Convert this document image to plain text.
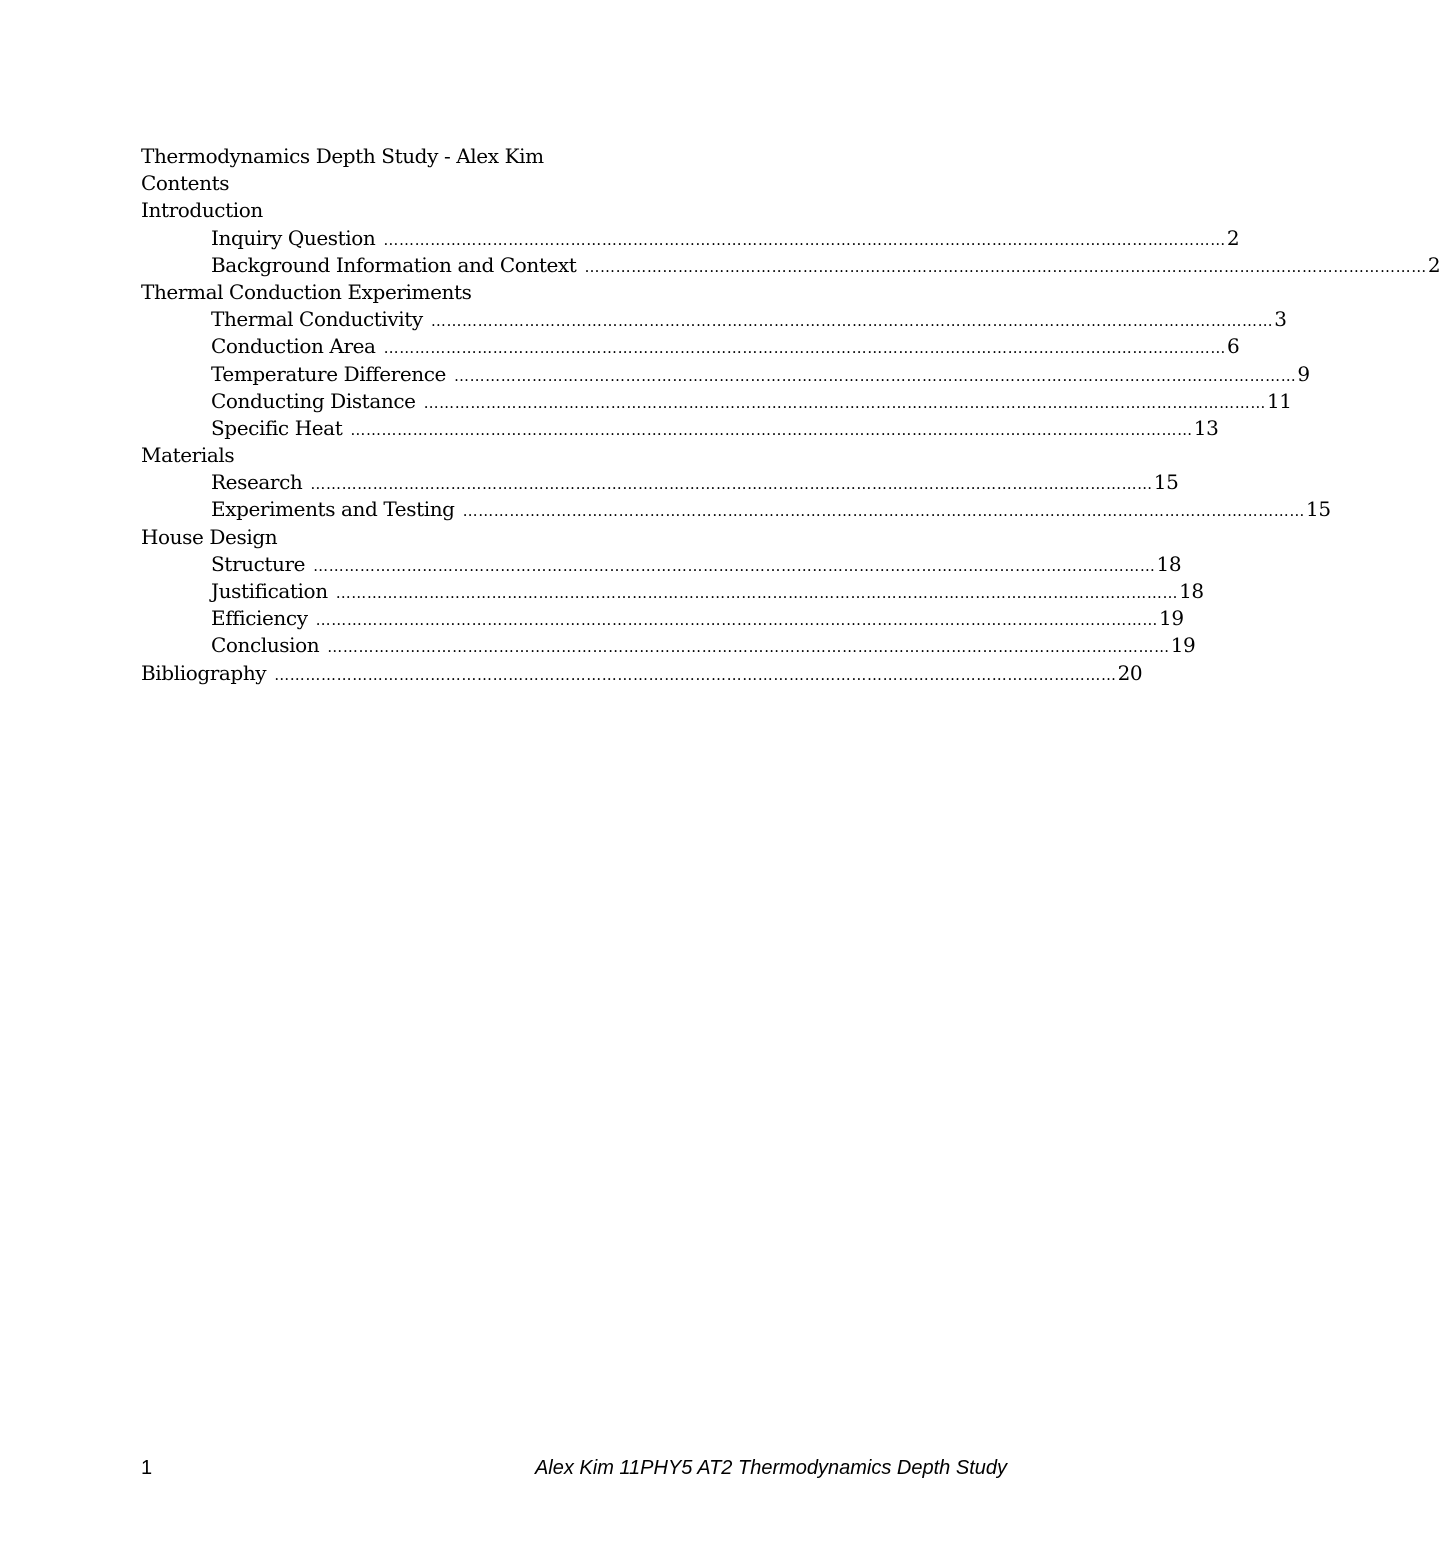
Thermodynamics Depth Study - Alex Kim
Contents
Introduction
Inquiry Question ……………………………………………………………………………………………………………………………………………… 2
Background Information and Context ……………………………………………………………………………………………………………………………………………… 2
Thermal Conduction Experiments
Thermal Conductivity ……………………………………………………………………………………………………………………………………………… 3
Conduction Area ……………………………………………………………………………………………………………………………………………… 6
Temperature Difference ……………………………………………………………………………………………………………………………………………… 9
Conducting Distance ……………………………………………………………………………………………………………………………………………… 11
Specific Heat ……………………………………………………………………………………………………………………………………………… 13
Materials
Research ……………………………………………………………………………………………………………………………………………… 15
Experiments and Testing ……………………………………………………………………………………………………………………………………………… 15
House Design
Structure ……………………………………………………………………………………………………………………………………………… 18
Justification ……………………………………………………………………………………………………………………………………………… 18
Efficiency ……………………………………………………………………………………………………………………………………………… 19
Conclusion ……………………………………………………………………………………………………………………………………………… 19
Bibliography ……………………………………………………………………………………………………………………………………………… 20
1	Alex Kim 11PHY5 AT2 Thermodynamics Depth Study
